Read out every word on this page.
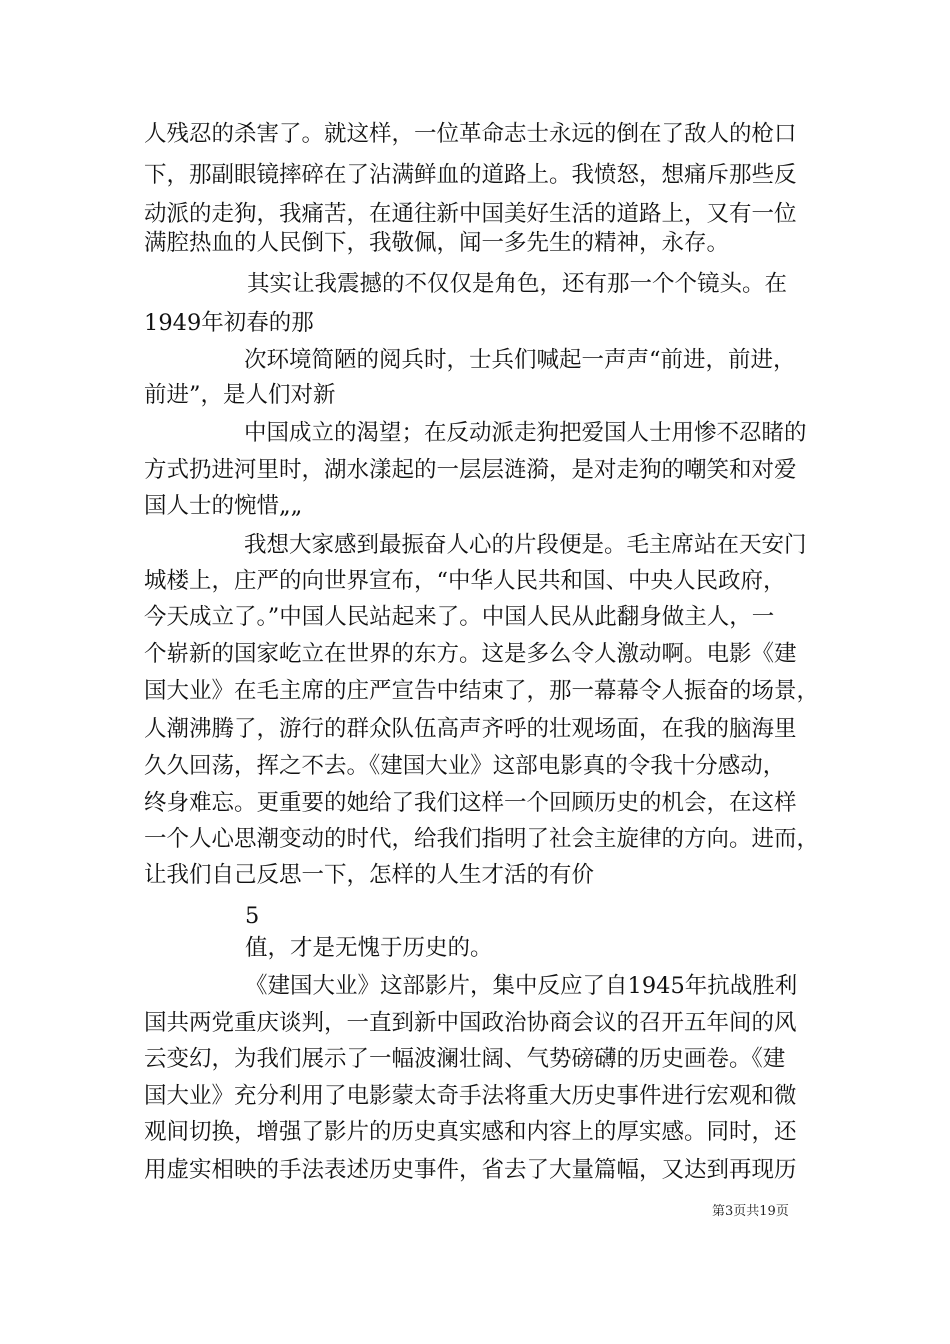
人残忍的杀害了。就这样，一位革命志士永远的倒在了敌人的枪口
下，那副眼镜摔碎在了沾满鲜血的道路上。我愤怒，想痛斥那些反
动派的走狗，我痛苦，在通往新中国美好生活的道路上，又有一位
满腔热血的人民倒下，我敬佩，闻一多先生的精神，永存。
其实让我震撼的不仅仅是角色，还有那一个个镜头。在
1949年初春的那
次环境简陋的阅兵时，士兵们喊起一声声“前进，前进，
前进”，是人们对新
中国成立的渴望；在反动派走狗把爱国人士用惨不忍睹的
方式扔进河里时，湖水漾起的一层层涟漪，是对走狗的嘲笑和对爱
国人士的惋惜„„
我想大家感到最振奋人心的片段便是。毛主席站在天安门
城楼上，庄严的向世界宣布，“中华人民共和国、中央人民政府，
今天成立了。”中国人民站起来了。中国人民从此翻身做主人，一
个崭新的国家屹立在世界的东方。这是多么令人激动啊。电影《建
国大业》在毛主席的庄严宣告中结束了，那一幕幕令人振奋的场景，
人潮沸腾了，游行的群众队伍高声齐呼的壮观场面，在我的脑海里
久久回荡，挥之不去。《建国大业》这部电影真的令我十分感动，
终身难忘。更重要的她给了我们这样一个回顾历史的机会，在这样
一个人心思潮变动的时代，给我们指明了社会主旋律的方向。进而，
让我们自己反思一下，怎样的人生才活的有价
5
值，才是无愧于历史的。
《建国大业》这部影片，集中反应了自1945年抗战胜利
国共两党重庆谈判，一直到新中国政治协商会议的召开五年间的风
云变幻，为我们展示了一幅波澜壮阔、气势磅礴的历史画卷。《建
国大业》充分利用了电影蒙太奇手法将重大历史事件进行宏观和微
观间切换，增强了影片的历史真实感和内容上的厚实感。同时，还
用虚实相映的手法表述历史事件，省去了大量篇幅，又达到再现历
第3页共19页
